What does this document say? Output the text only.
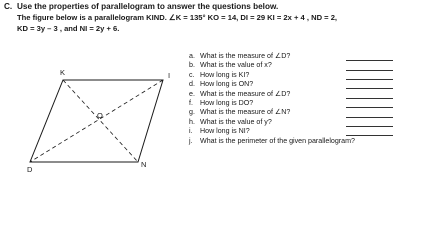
C. Use the properties of parallelogram to answer the questions below.
The figure below is a parallelogram KIND. ∠K = 135° KO = 14, DI = 29 KI = 2x + 4 , ND = 2,
KD = 3y – 3 , and NI = 2y + 6.
K	I
D
N
O
a. What is the measure of ∠D?
b. What is the value of x?
c. How long is KI?
d. How long is ON?
e. What is the measure of ∠D?
f. How long is DO?
g. What is the measure of ∠N?
h. What is the value of y?
i. How long is NI?
j. What is the perimeter of the given parallelogram?
